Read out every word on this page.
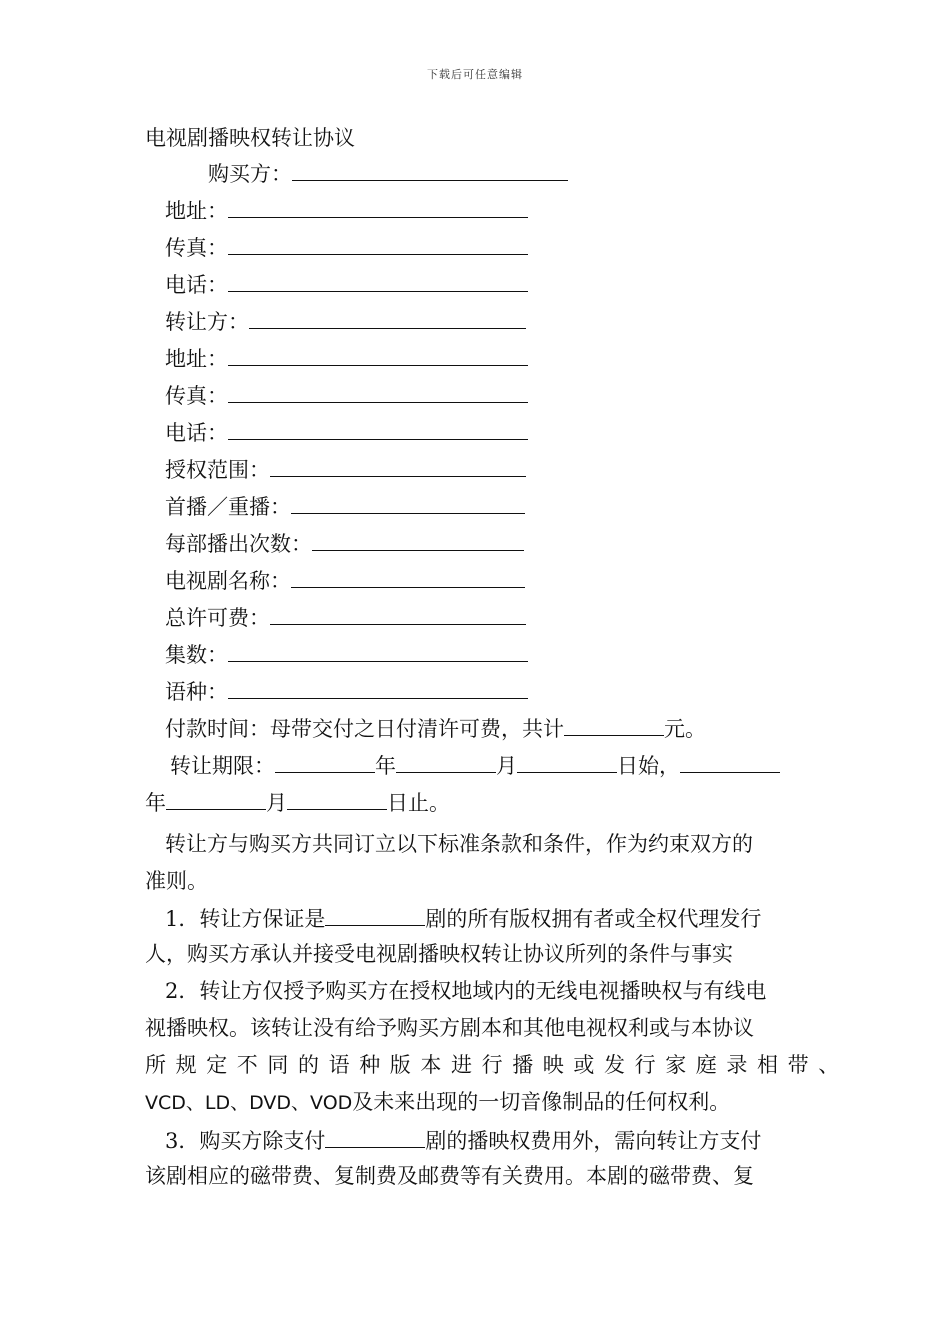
下载后可任意编辑
电视剧播映权转让协议
购买方：
地址：
传真：
电话：
转让方：
地址：
传真：
电话：
授权范围：
首播／重播：
每部播出次数：
电视剧名称：
总许可费：
集数：
语种：
付款时间：母带交付之日付清许可费，共计	元。
转让期限：	年	月	日始，
年	月	日止。
转让方与购买方共同订立以下标准条款和条件，作为约束双方的
准则。
1．转让方保证是	剧的所有版权拥有者或全权代理发行
人，购买方承认并接受电视剧播映权转让协议所列的条件与事实
2．转让方仅授予购买方在授权地域内的无线电视播映权与有线电
视播映权。该转让没有给予购买方剧本和其他电视权利或与本协议
所规定不同的语种版本进行播映或发行家庭录相带、
VCD、LD、DVD、VOD及未来出现的一切音像制品的任何权利。
3．购买方除支付	剧的播映权费用外，需向转让方支付
该剧相应的磁带费、复制费及邮费等有关费用。本剧的磁带费、复
